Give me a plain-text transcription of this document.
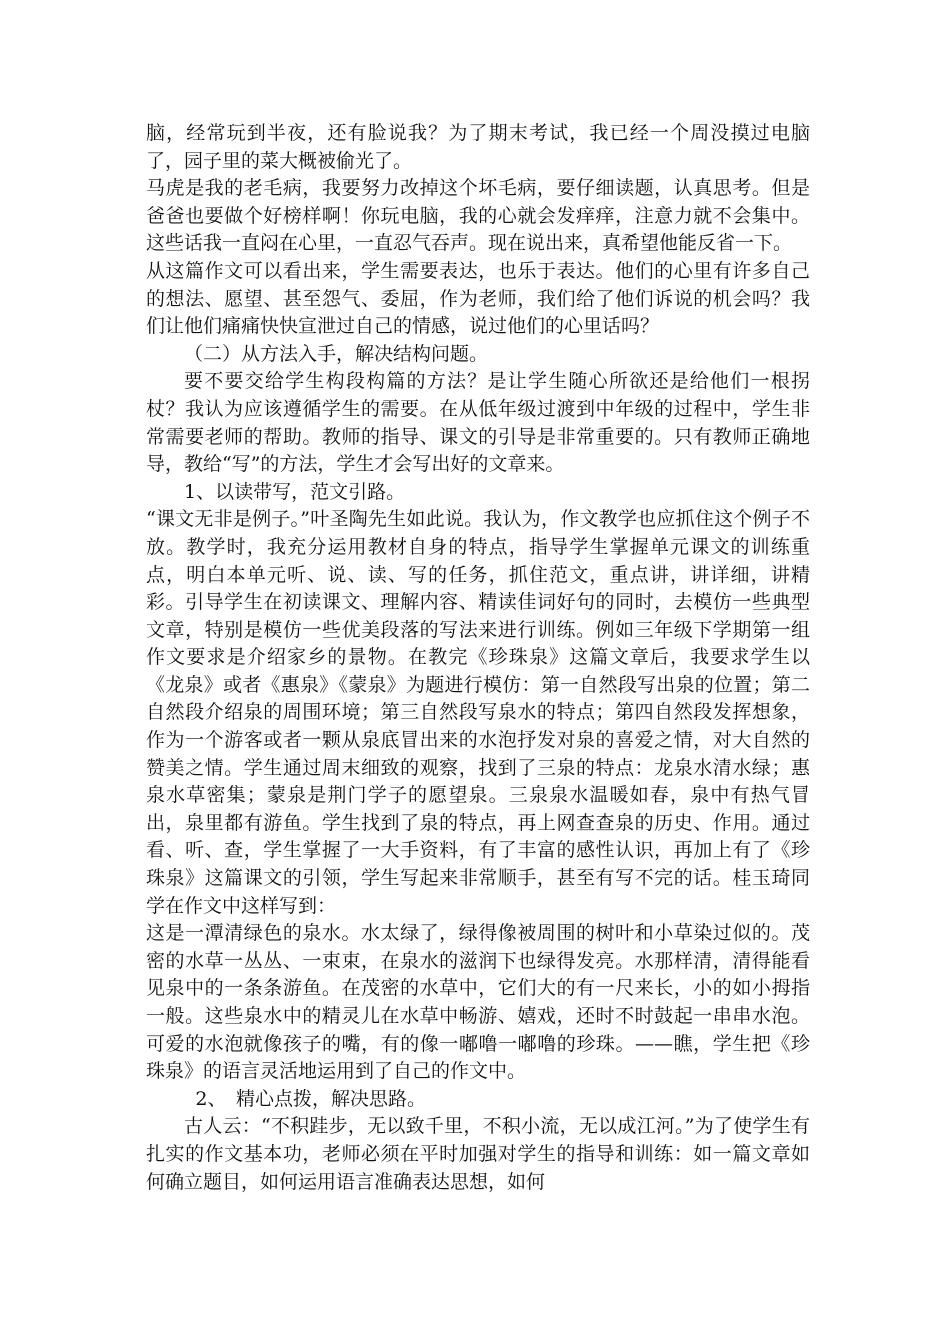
脑，经常玩到半夜，还有脸说我？为了期末考试，我已经一个周没摸过电脑了，园子里的菜大概被偷光了。

马虎是我的老毛病，我要努力改掉这个坏毛病，要仔细读题，认真思考。但是爸爸也要做个好榜样啊！你玩电脑，我的心就会发痒痒，注意力就不会集中。这些话我一直闷在心里，一直忍气吞声。现在说出来，真希望他能反省一下。

从这篇作文可以看出来，学生需要表达，也乐于表达。他们的心里有许多自己的想法、愿望、甚至怨气、委屈，作为老师，我们给了他们诉说的机会吗？我们让他们痛痛快快宣泄过自己的情感，说过他们的心里话吗？

（二）从方法入手，解决结构问题。

要不要交给学生构段构篇的方法？是让学生随心所欲还是给他们一根拐杖？我认为应该遵循学生的需要。在从低年级过渡到中年级的过程中，学生非常需要老师的帮助。教师的指导、课文的引导是非常重要的。只有教师正确地导，教给“写”的方法，学生才会写出好的文章来。

1、以读带写，范文引路。

“课文无非是例子。”叶圣陶先生如此说。我认为，作文教学也应抓住这个例子不放。教学时，我充分运用教材自身的特点，指导学生掌握单元课文的训练重点，明白本单元听、说、读、写的任务，抓住范文，重点讲，讲详细，讲精彩。引导学生在初读课文、理解内容、精读佳词好句的同时，去模仿一些典型文章，特别是模仿一些优美段落的写法来进行训练。例如三年级下学期第一组作文要求是介绍家乡的景物。在教完《珍珠泉》这篇文章后，我要求学生以《龙泉》或者《惠泉》《蒙泉》为题进行模仿：第一自然段写出泉的位置；第二自然段介绍泉的周围环境；第三自然段写泉水的特点；第四自然段发挥想象，作为一个游客或者一颗从泉底冒出来的水泡抒发对泉的喜爱之情，对大自然的赞美之情。学生通过周末细致的观察，找到了三泉的特点：龙泉水清水绿；惠泉水草密集；蒙泉是荆门学子的愿望泉。三泉泉水温暖如春，泉中有热气冒出，泉里都有游鱼。学生找到了泉的特点，再上网查查泉的历史、作用。通过看、听、查，学生掌握了一大手资料，有了丰富的感性认识，再加上有了《珍珠泉》这篇课文的引领，学生写起来非常顺手，甚至有写不完的话。桂玉琦同学在作文中这样写到：

这是一潭清绿色的泉水。水太绿了，绿得像被周围的树叶和小草染过似的。茂密的水草一丛丛、一束束，在泉水的滋润下也绿得发亮。水那样清，清得能看见泉中的一条条游鱼。在茂密的水草中，它们大的有一尺来长，小的如小拇指一般。这些泉水中的精灵儿在水草中畅游、嬉戏，还时不时鼓起一串串水泡。可爱的水泡就像孩子的嘴，有的像一嘟噜一嘟噜的珍珠。——瞧，学生把《珍珠泉》的语言灵活地运用到了自己的作文中。

2、　精心点拨，解决思路。

古人云：“不积跬步，无以致千里，不积小流，无以成江河。”为了使学生有扎实的作文基本功，老师必须在平时加强对学生的指导和训练：如一篇文章如何确立题目，如何运用语言准确表达思想，如何
